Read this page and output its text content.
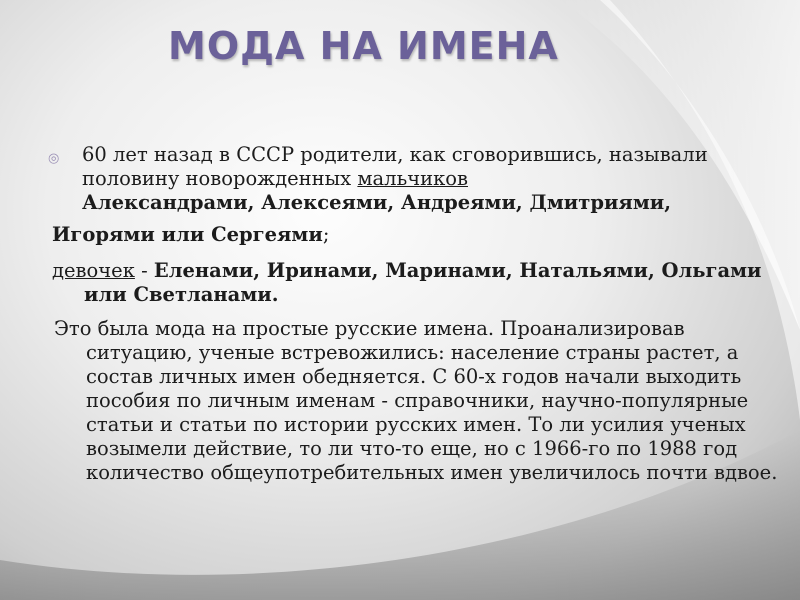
МОДА НА ИМЕНА
◎ 60 лет назад в СССР родители, как сговорившись, называли половину новорожденных мальчиков
Александрами, Алексеями, Андреями, Дмитриями,
Игорями или Сергеями;
девочек - Еленами, Иринами, Маринами, Натальями, Ольгами или Светланами.
Это была мода на простые русские имена. Проанализировав ситуацию, ученые встревожились: население страны растет, а состав личных имен обедняется. С 60-х годов начали выходить пособия по личным именам - справочники, научно-популярные статьи и статьи по истории русских имен. То ли усилия ученых возымели действие, то ли что-то еще, но с 1966-го по 1988 год количество общеупотребительных имен увеличилось почти вдвое.
